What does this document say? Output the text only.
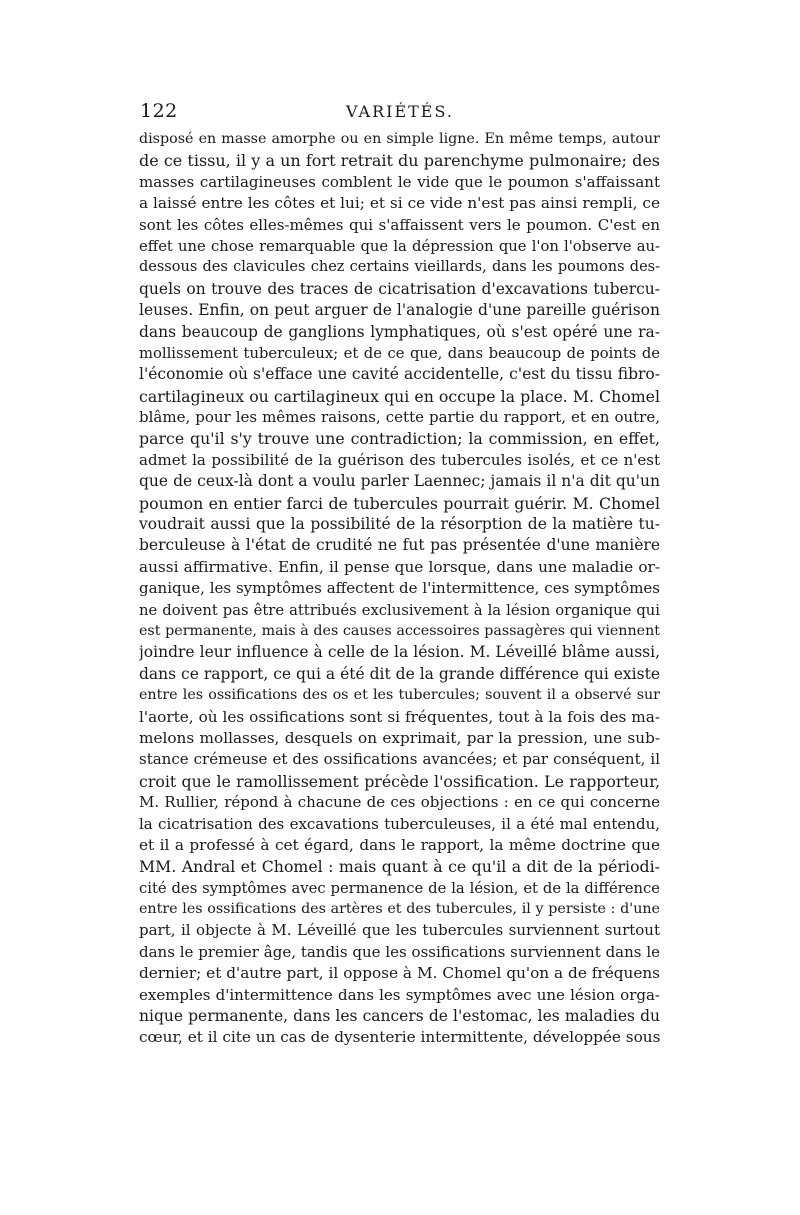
122	VARIÉTÉS.
disposé en masse amorphe ou en simple ligne. En même temps, autour
de ce tissu, il y a un fort retrait du parenchyme pulmonaire; des
masses cartilagineuses comblent le vide que le poumon s'affaissant
a laissé entre les côtes et lui; et si ce vide n'est pas ainsi rempli, ce
sont les côtes elles-mêmes qui s'affaissent vers le poumon. C'est en
effet une chose remarquable que la dépression que l'on l'observe au-
dessous des clavicules chez certains vieillards, dans les poumons des-
quels on trouve des traces de cicatrisation d'excavations tubercu-
leuses. Enfin, on peut arguer de l'analogie d'une pareille guérison
dans beaucoup de ganglions lymphatiques, où s'est opéré une ra-
mollissement tuberculeux; et de ce que, dans beaucoup de points de
l'économie où s'efface une cavité accidentelle, c'est du tissu fibro-
cartilagineux ou cartilagineux qui en occupe la place. M. Chomel
blâme, pour les mêmes raisons, cette partie du rapport, et en outre,
parce qu'il s'y trouve une contradiction; la commission, en effet,
admet la possibilité de la guérison des tubercules isolés, et ce n'est
que de ceux-là dont a voulu parler Laennec; jamais il n'a dit qu'un
poumon en entier farci de tubercules pourrait guérir. M. Chomel
voudrait aussi que la possibilité de la résorption de la matière tu-
berculeuse à l'état de crudité ne fut pas présentée d'une manière
aussi affirmative. Enfin, il pense que lorsque, dans une maladie or-
ganique, les symptômes affectent de l'intermittence, ces symptômes
ne doivent pas être attribués exclusivement à la lésion organique qui
est permanente, mais à des causes accessoires passagères qui viennent
joindre leur influence à celle de la lésion. M. Léveillé blâme aussi,
dans ce rapport, ce qui a été dit de la grande différence qui existe
entre les ossifications des os et les tubercules; souvent il a observé sur
l'aorte, où les ossifications sont si fréquentes, tout à la fois des ma-
melons mollasses, desquels on exprimait, par la pression, une sub-
stance crémeuse et des ossifications avancées; et par conséquent, il
croit que le ramollissement précède l'ossification. Le rapporteur,
M. Rullier, répond à chacune de ces objections : en ce qui concerne
la cicatrisation des excavations tuberculeuses, il a été mal entendu,
et il a professé à cet égard, dans le rapport, la même doctrine que
MM. Andral et Chomel : mais quant à ce qu'il a dit de la périodi-
cité des symptômes avec permanence de la lésion, et de la différence
entre les ossifications des artères et des tubercules, il y persiste : d'une
part, il objecte à M. Léveillé que les tubercules surviennent surtout
dans le premier âge, tandis que les ossifications surviennent dans le
dernier; et d'autre part, il oppose à M. Chomel qu'on a de fréquens
exemples d'intermittence dans les symptômes avec une lésion orga-
nique permanente, dans les cancers de l'estomac, les maladies du
cœur, et il cite un cas de dysenterie intermittente, développée sous
